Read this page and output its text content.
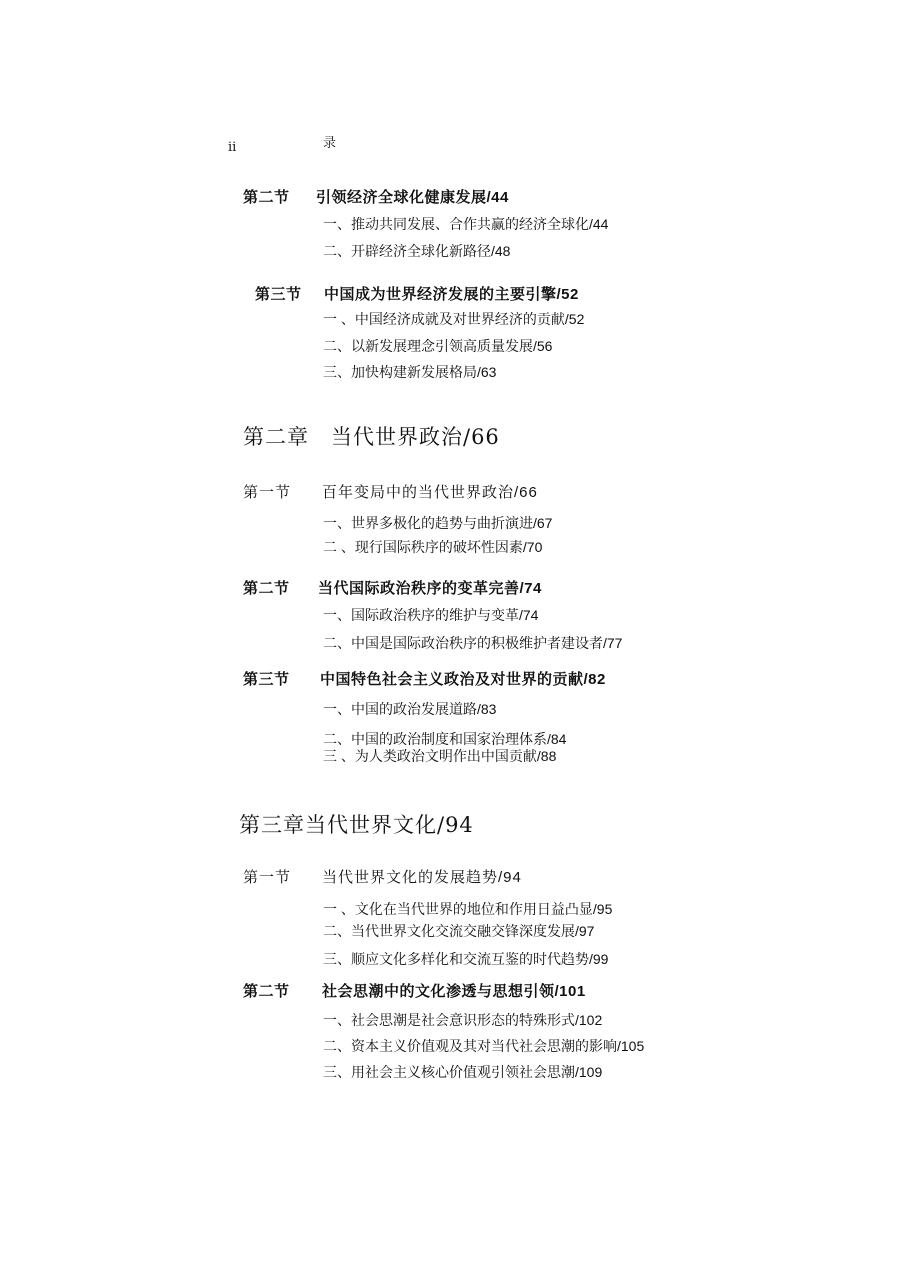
ii	录
第二节 引领经济全球化健康发展/44
一、推动共同发展、合作共赢的经济全球化/44
二、开辟经济全球化新路径/48
第三节 中国成为世界经济发展的主要引擎/52
一 、中国经济成就及对世界经济的贡献/52
二、以新发展理念引领高质量发展/56
三、加快构建新发展格局/63
第二章　当代世界政治/66
第一节 百年变局中的当代世界政治/66
一、世界多极化的趋势与曲折演进/67
二 、现行国际秩序的破坏性因素/70
第二节 当代国际政治秩序的变革完善/74
一、国际政治秩序的维护与变革/74
二、中国是国际政治秩序的积极维护者建设者/77
第三节 中国特色社会主义政治及对世界的贡献/82
一、中国的政治发展道路/83
二、中国的政治制度和国家治理体系/84
三 、为人类政治文明作出中国贡献/88
第三章当代世界文化/94
第一节 当代世界文化的发展趋势/94
一 、文化在当代世界的地位和作用日益凸显/95
二、当代世界文化交流交融交锋深度发展/97
三、顺应文化多样化和交流互鉴的时代趋势/99
第二节 社会思潮中的文化渗透与思想引领/101
一、社会思潮是社会意识形态的特殊形式/102
二、资本主义价值观及其对当代社会思潮的影响/105
三、用社会主义核心价值观引领社会思潮/109
